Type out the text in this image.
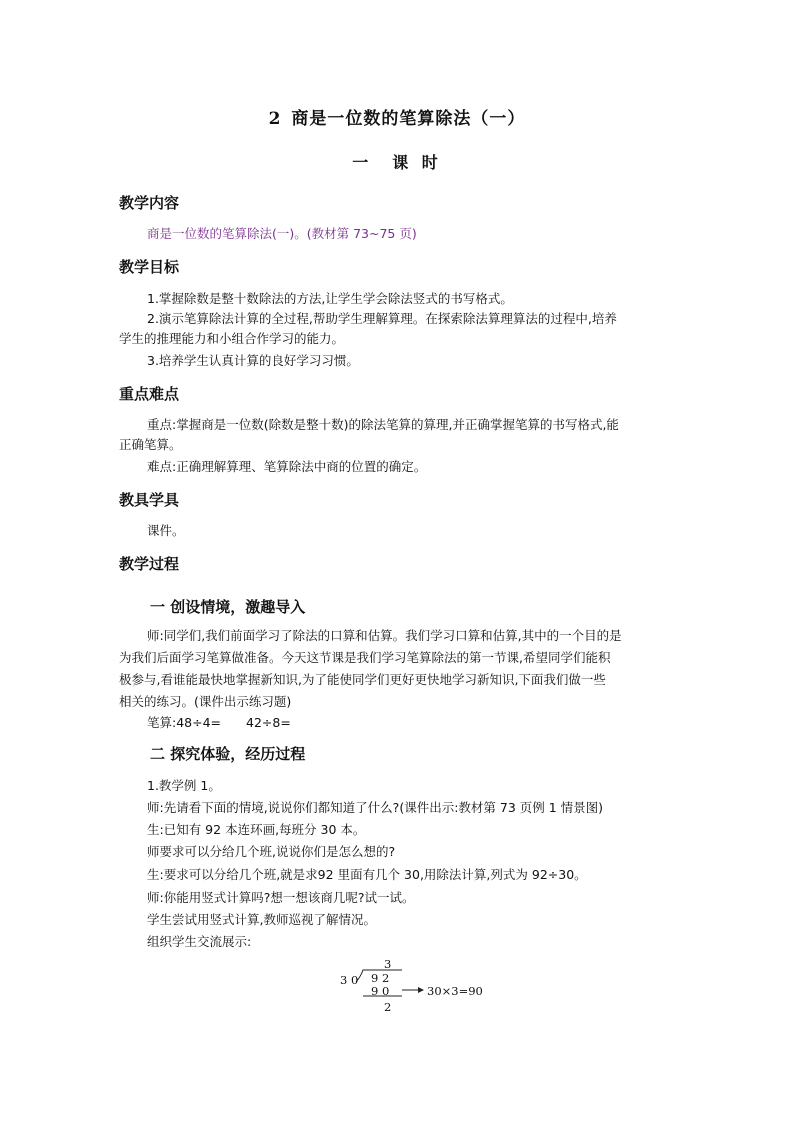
2 商是一位数的笔算除法（一）
一　课 时
教学内容
商是一位数的笔算除法(一)。(教材第 73~75 页)
教学目标
1.掌握除数是整十数除法的方法,让学生学会除法竖式的书写格式。
2.演示笔算除法计算的全过程,帮助学生理解算理。在探索除法算理算法的过程中,培养
学生的推理能力和小组合作学习的能力。
3.培养学生认真计算的良好学习习惯。
重点难点
重点:掌握商是一位数(除数是整十数)的除法笔算的算理,并正确掌握笔算的书写格式,能
正确笔算。
难点:正确理解算理、笔算除法中商的位置的确定。
教具学具
课件。
教学过程
一 创设情境，激趣导入
师:同学们,我们前面学习了除法的口算和估算。我们学习口算和估算,其中的一个目的是
为我们后面学习笔算做准备。今天这节课是我们学习笔算除法的第一节课,希望同学们能积
极参与,看谁能最快地掌握新知识,为了能使同学们更好更快地学习新知识,下面我们做一些
相关的练习。(课件出示练习题)
笔算:48÷4=　　42÷8=
二 探究体验，经历过程
1.教学例 1。
师:先请看下面的情境,说说你们都知道了什么?(课件出示:教材第 73 页例 1 情景图)
生:已知有 92 本连环画,每班分 30 本。
师要求可以分给几个班,说说你们是怎么想的?
生:要求可以分给几个班,就是求92 里面有几个 30,用除法计算,列式为 92÷30。
师:你能用竖式计算吗?想一想该商几呢?试一试。
学生尝试用竖式计算,教师巡视了解情况。
组织学生交流展示:
3
3 0 9 2
9 0
2
30×3=90
